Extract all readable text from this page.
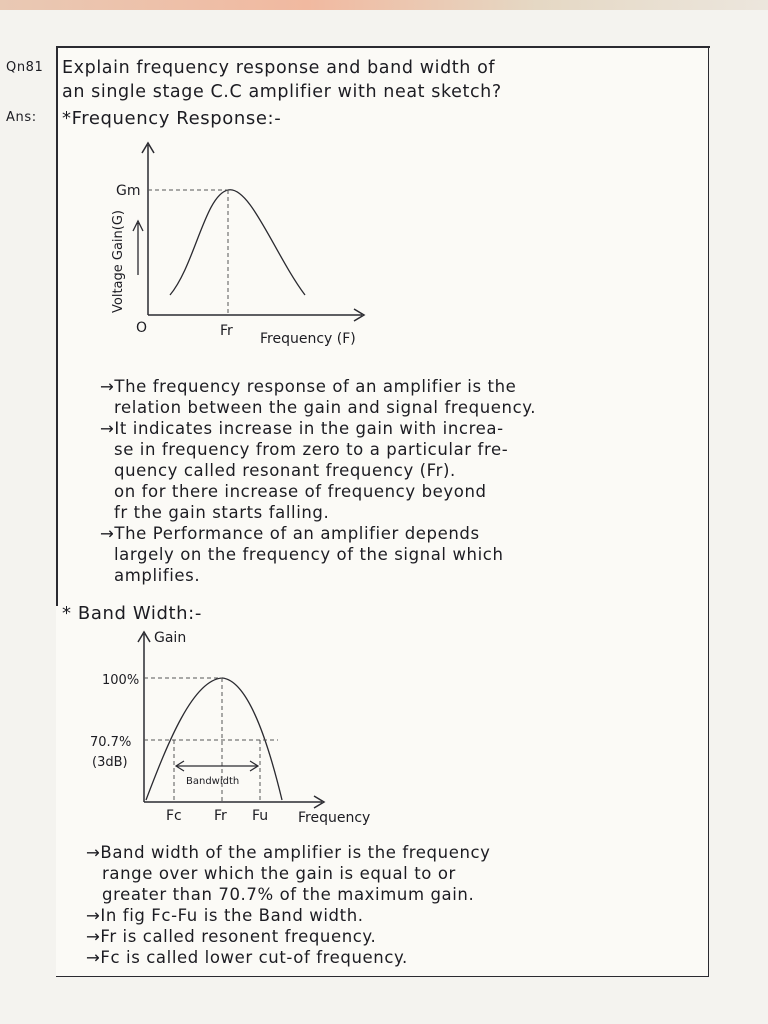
Qn81 Explain frequency response and band width of
an single stage C.C amplifier with neat sketch?
Ans: *Frequency Response:-
Voltage Gain(G)
Gm
O	Fr Frequency (F)

→The frequency response of an amplifier is the

relation between the gain and signal frequency.

→It indicates increase in the gain with increa-

se in frequency from zero to a particular fre-

quency called resonant frequency (Fr).

on for there increase of frequency beyond

fr the gain starts falling.

→The Performance of an amplifier depends

largely on the frequency of the signal which

amplifies.

* Band Width:-
Gain
100%
70.7%
(3dB)
Bandwidth
Fc Fr Fu Frequency

→Band width of the amplifier is the frequency

range over which the gain is equal to or

greater than 70.7% of the maximum gain.

→In fig Fc-Fu is the Band width.

→Fr is called resonent frequency.

→Fc is called lower cut-of frequency.
